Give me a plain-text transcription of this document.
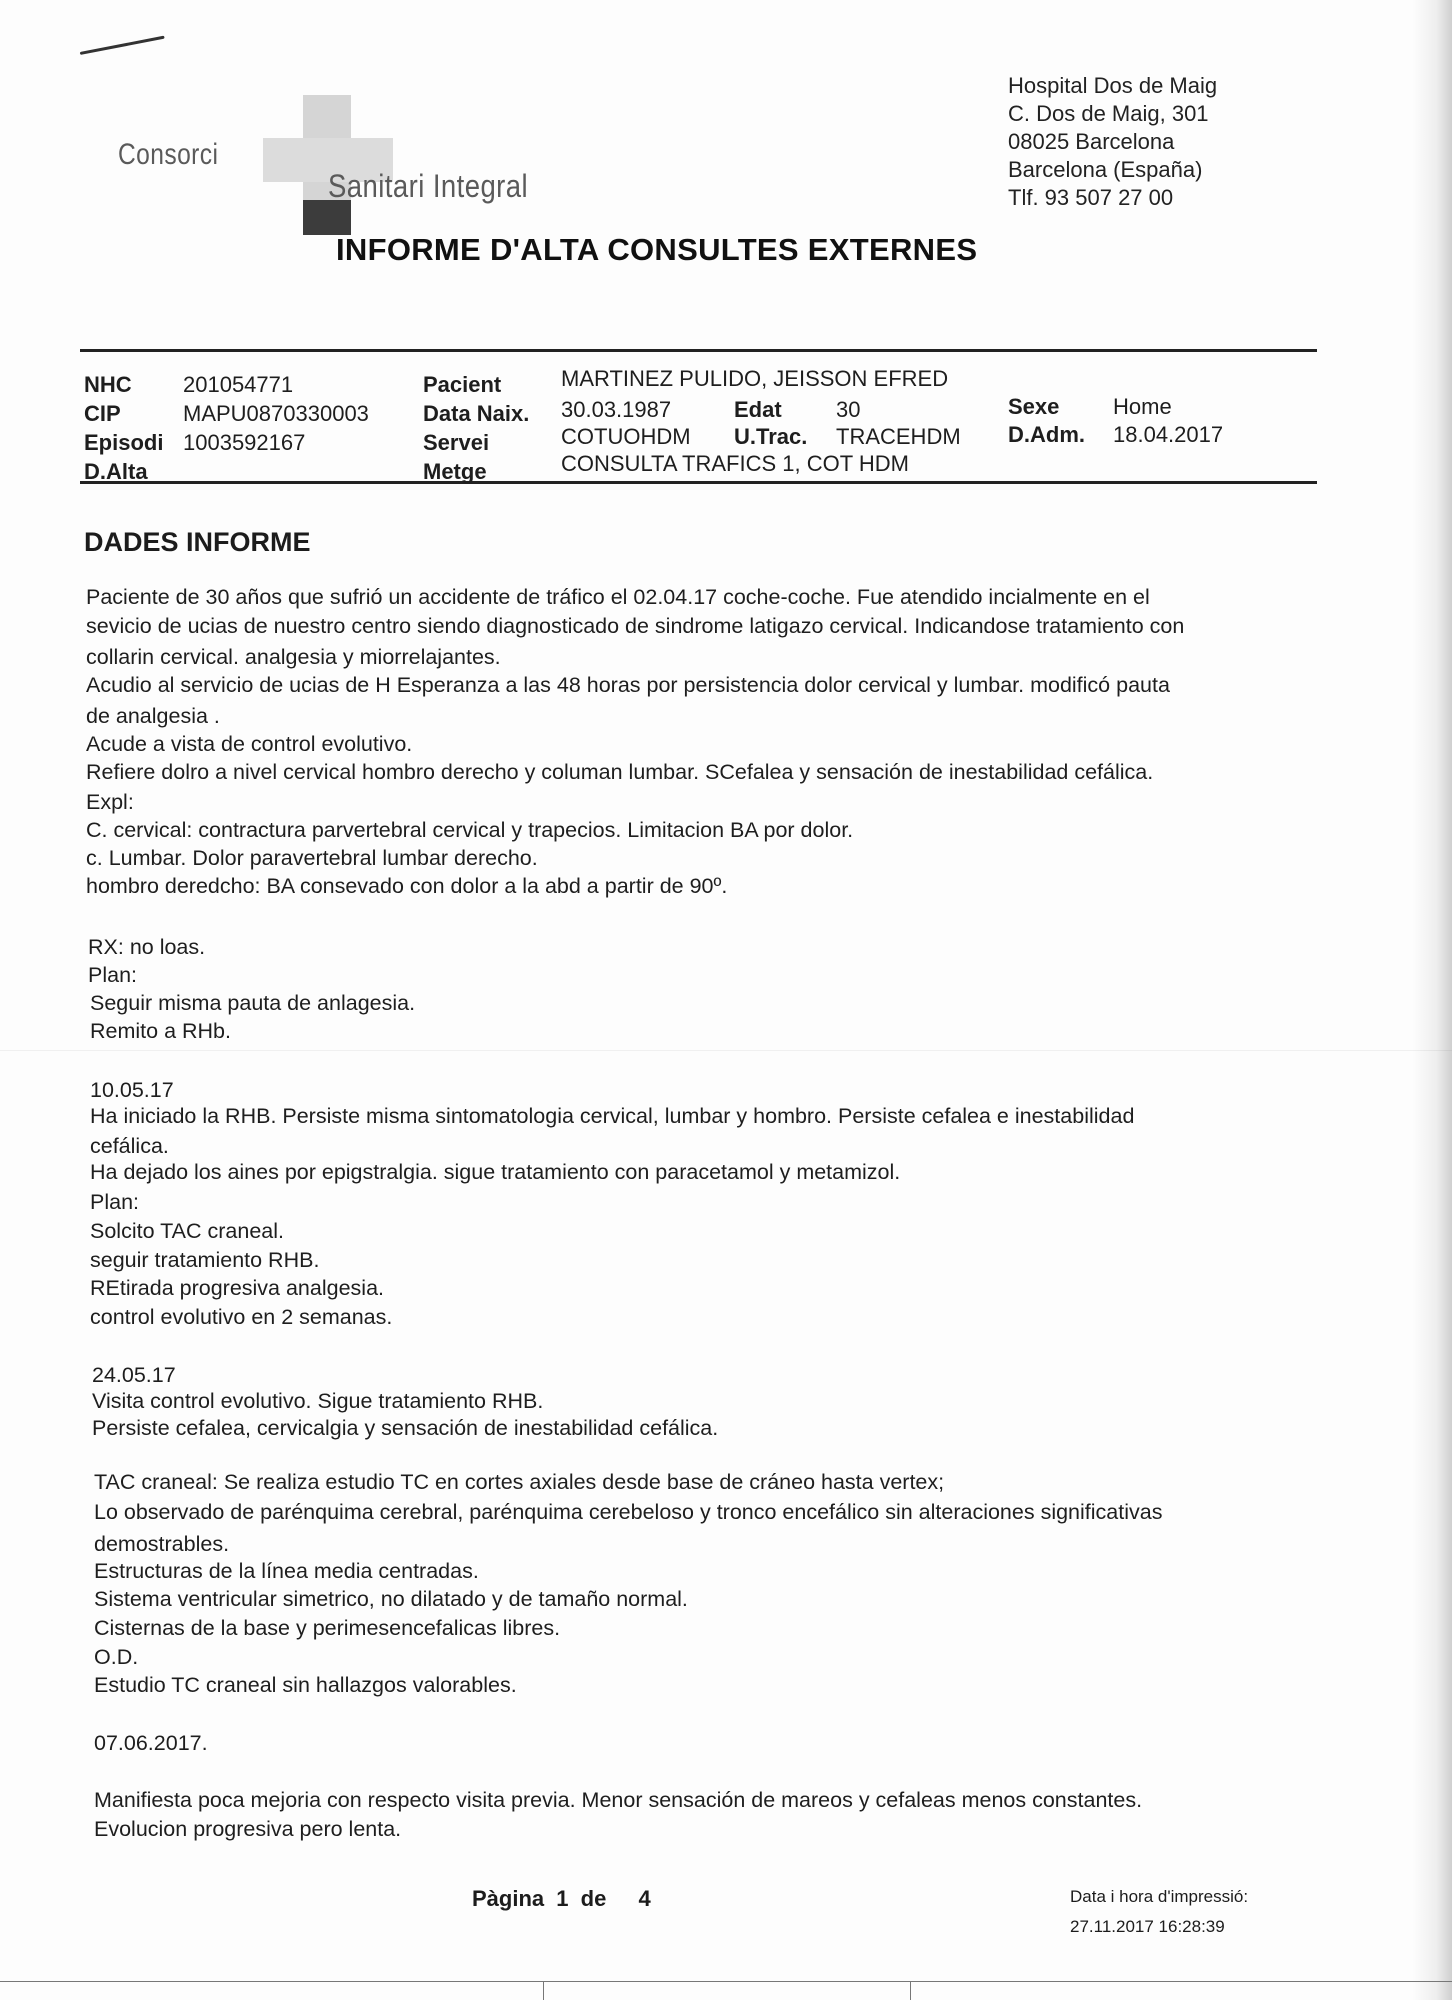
Consorci
Sanitari Integral
Hospital Dos de Maig
C. Dos de Maig, 301
08025 Barcelona
Barcelona (España)
Tlf. 93 507 27 00
INFORME D'ALTA CONSULTES EXTERNES
NHC 201054771
CIP	MAPU0870330003
Episodi 1003592167
D.Alta
Pacient	MARTINEZ PULIDO, JEISSON EFRED
Data Naix. 30.03.1987	Edat 30
Servei	COTUOHDM U.Trac. TRACEHDM
Metge	CONSULTA TRAFICS 1, COT HDM
Sexe Home
D.Adm. 18.04.2017
DADES INFORME
Paciente de 30 años que sufrió un accidente de tráfico el 02.04.17 coche-coche. Fue atendido incialmente en el
sevicio de ucias de nuestro centro siendo diagnosticado de sindrome latigazo cervical. Indicandose tratamiento con
collarin cervical. analgesia y miorrelajantes.
Acudio al servicio de ucias de H Esperanza a las 48 horas por persistencia dolor cervical y lumbar. modificó pauta
de analgesia .
Acude a vista de control evolutivo.
Refiere dolro a nivel cervical hombro derecho y columan lumbar. SCefalea y sensación de inestabilidad cefálica.
Expl:
C. cervical: contractura parvertebral cervical y trapecios. Limitacion BA por dolor.
c. Lumbar. Dolor paravertebral lumbar derecho.
hombro deredcho: BA consevado con dolor a la abd a partir de 90º.
RX: no loas.
Plan:
Seguir misma pauta de anlagesia.
Remito a RHb.
10.05.17
Ha iniciado la RHB. Persiste misma sintomatologia cervical, lumbar y hombro. Persiste cefalea e inestabilidad
cefálica.
Ha dejado los aines por epigstralgia. sigue tratamiento con paracetamol y metamizol.
Plan:
Solcito TAC craneal.
seguir tratamiento RHB.
REtirada progresiva analgesia.
control evolutivo en 2 semanas.
24.05.17
Visita control evolutivo. Sigue tratamiento RHB.
Persiste cefalea, cervicalgia y sensación de inestabilidad cefálica.
TAC craneal: Se realiza estudio TC en cortes axiales desde base de cráneo hasta vertex;
Lo observado de parénquima cerebral, parénquima cerebeloso y tronco encefálico sin alteraciones significativas
demostrables.
Estructuras de la línea media centradas.
Sistema ventricular simetrico, no dilatado y de tamaño normal.
Cisternas de la base y perimesencefalicas libres.
O.D.
Estudio TC craneal sin hallazgos valorables.
07.06.2017.
Manifiesta poca mejoria con respecto visita previa. Menor sensación de mareos y cefaleas menos constantes.
Evolucion progresiva pero lenta.
Pàgina 1 de 4	Data i hora d'impressió:
27.11.2017 16:28:39
